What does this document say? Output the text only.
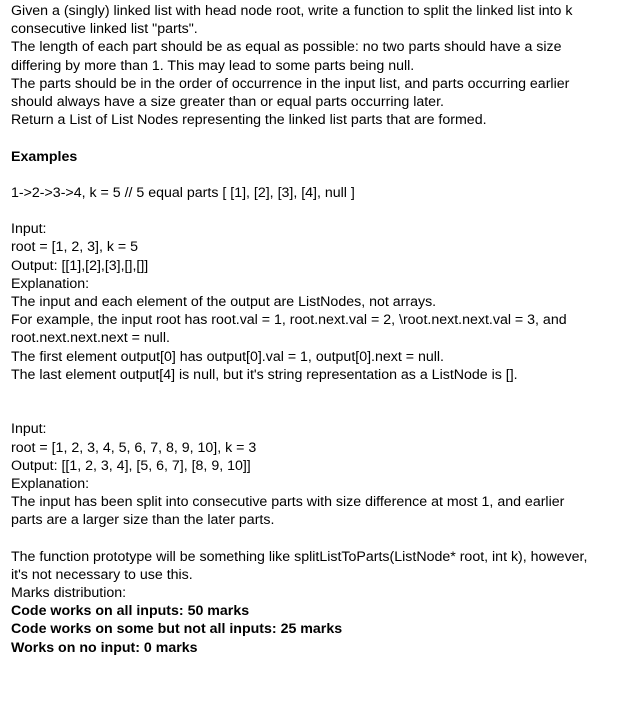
Given a (singly) linked list with head node root, write a function to split the linked list into k
consecutive linked list "parts".
The length of each part should be as equal as possible: no two parts should have a size
differing by more than 1. This may lead to some parts being null.
The parts should be in the order of occurrence in the input list, and parts occurring earlier
should always have a size greater than or equal parts occurring later.
Return a List of List Nodes representing the linked list parts that are formed.
Examples
1->2->3->4, k = 5 // 5 equal parts [ [1], [2], [3], [4], null ]
Input:
root = [1, 2, 3], k = 5
Output: [[1],[2],[3],[],[]]
Explanation:
The input and each element of the output are ListNodes, not arrays.
For example, the input root has root.val = 1, root.next.val = 2, \root.next.next.val = 3, and
root.next.next.next = null.
The first element output[0] has output[0].val = 1, output[0].next = null.
The last element output[4] is null, but it's string representation as a ListNode is [].
Input:
root = [1, 2, 3, 4, 5, 6, 7, 8, 9, 10], k = 3
Output: [[1, 2, 3, 4], [5, 6, 7], [8, 9, 10]]
Explanation:
The input has been split into consecutive parts with size difference at most 1, and earlier
parts are a larger size than the later parts.
The function prototype will be something like splitListToParts(ListNode* root, int k), however,
it's not necessary to use this.
Marks distribution:
Code works on all inputs: 50 marks
Code works on some but not all inputs: 25 marks
Works on no input: 0 marks
